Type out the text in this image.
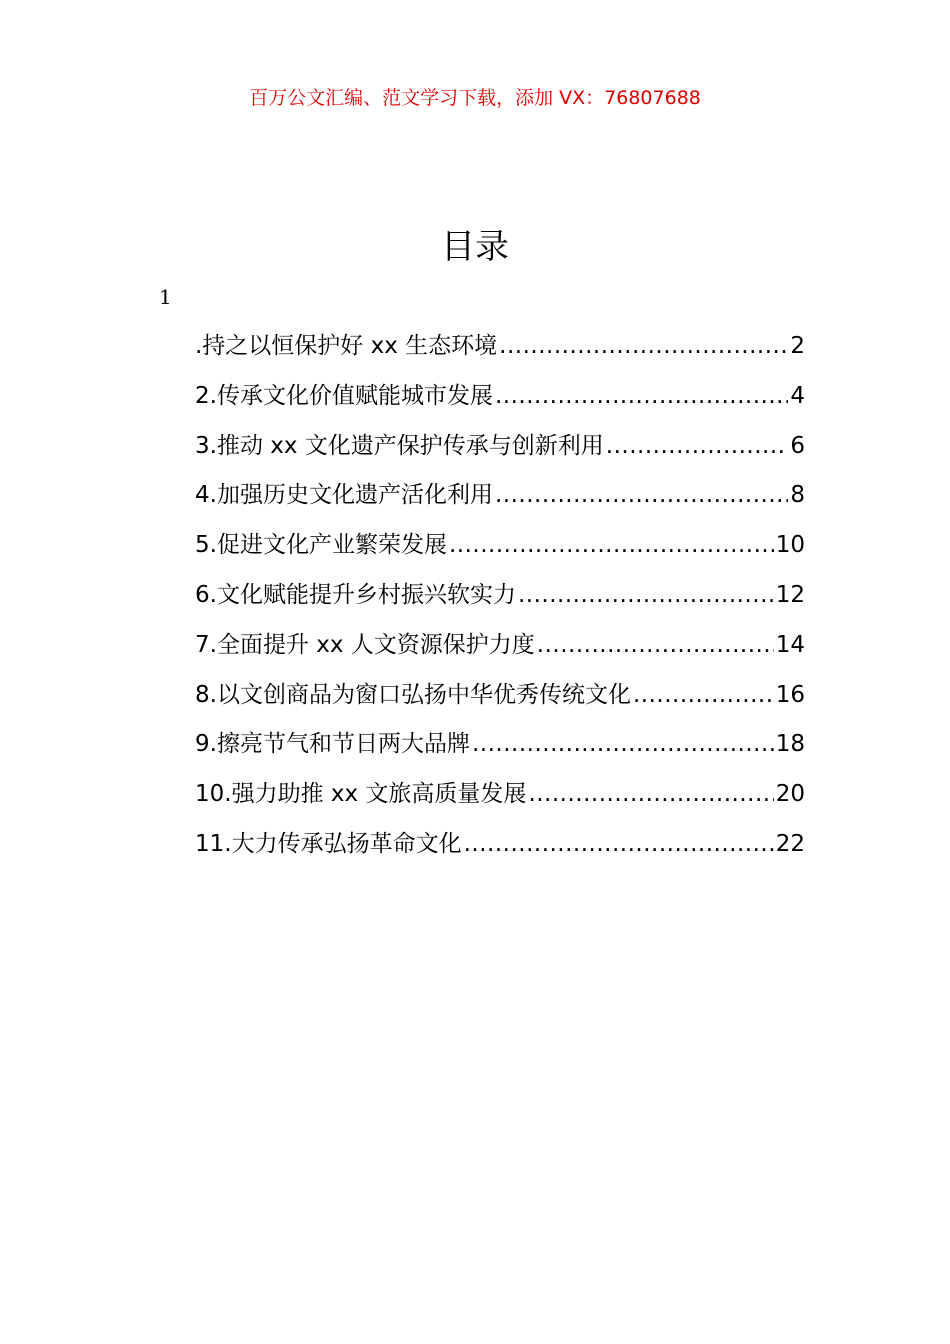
百万公文汇编、范文学习下载，添加 VX：76807688
目录
1
.持之以恒保护好 xx 生态环境 .....	2
2.传承文化价值赋能城市发展 .....	4
3.推动 xx 文化遗产保护传承与创新利用 .....	6
4.加强历史文化遗产活化利用 .....	8
5.促进文化产业繁荣发展 .....	10
6.文化赋能提升乡村振兴软实力 .....	12
7.全面提升 xx 人文资源保护力度 .....	14
8.以文创商品为窗口弘扬中华优秀传统文化 .....	16
9.擦亮节气和节日两大品牌 .....	18
10.强力助推 xx 文旅高质量发展 .....	20
11.大力传承弘扬革命文化 .....	22
